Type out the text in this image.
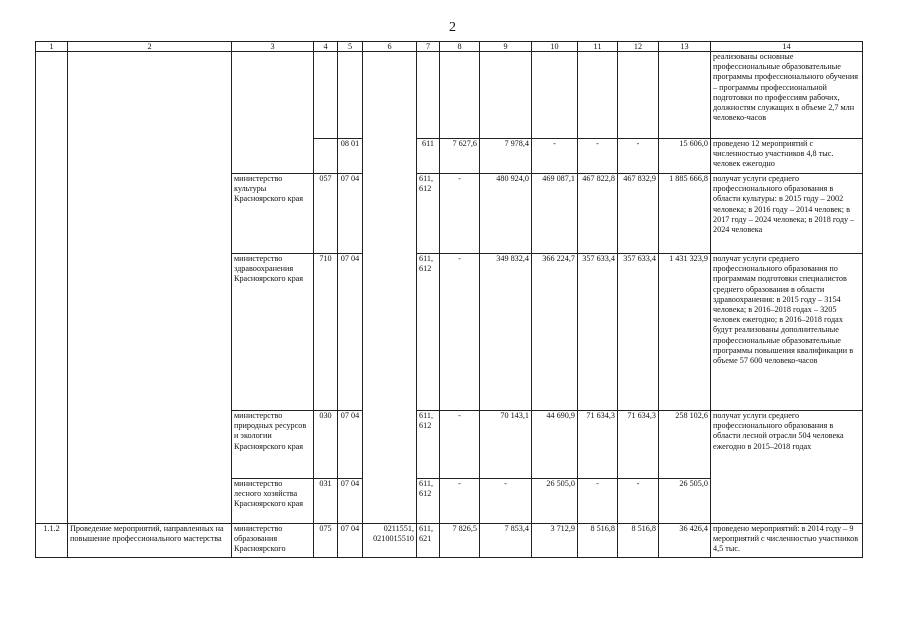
2
1	2	3	4	5	6	7	8	9	10	11	12	13	14
													реализованы основные профессиональные образовательные программы профессионального обучения – программы профессиональной подготовки по профессиям рабочих, должностям служащих в объеме 2,7 млн человеко-часов
				08 01		611	7 627,6	7 978,4	-	-	-	15 606,0	проведено 12 мероприятий с численностью участников 4,8 тыс. человек ежегодно
		министерство культуры Красноярского края	057	07 04		611, 612	-	480 924,0	469 087,1	467 822,8	467 832,9	1 885 666,8	получат услуги среднего профессионального образования в области культуры: в 2015 году – 2002 человека; в 2016 году – 2014 человек; в 2017 году – 2024 человека; в 2018 году – 2024 человека
		министерство здравоохранения Красноярского края	710	07 04		611, 612	-	349 832,4	366 224,7	357 633,4	357 633,4	1 431 323,9	получат услуги среднего профессионального образования по программам подготовки специалистов среднего образования в области здравоохранения: в 2015 году – 3154 человека; в 2016–2018 годах – 3205 человек ежегодно; в 2016–2018 годах будут реализованы дополнительные профессиональные образовательные программы повышения квалификации в объеме 57 600 человеко-часов
		министерство природных ресурсов и экологии Красноярского края	030	07 04		611, 612	-	70 143,1	44 690,9	71 634,3	71 634,3	258 102,6	получат услуги среднего профессионального образования в области лесной отрасли 504 человека ежегодно в 2015–2018 годах
		министерство лесного хозяйства Красноярского края	031	07 04		611, 612	-	-	26 505,0	-	-	26 505,0	
1.1.2	Проведение мероприятий, направленных на повышение профессионального мастерства	министерство образования Красноярского	075	07 04	0211551, 0210015510	611, 621	7 826,5	7 853,4	3 712,9	8 516,8	8 516,8	36 426,4	проведено мероприятий: в 2014 году – 9 мероприятий с численностью участников 4,5 тыс.
